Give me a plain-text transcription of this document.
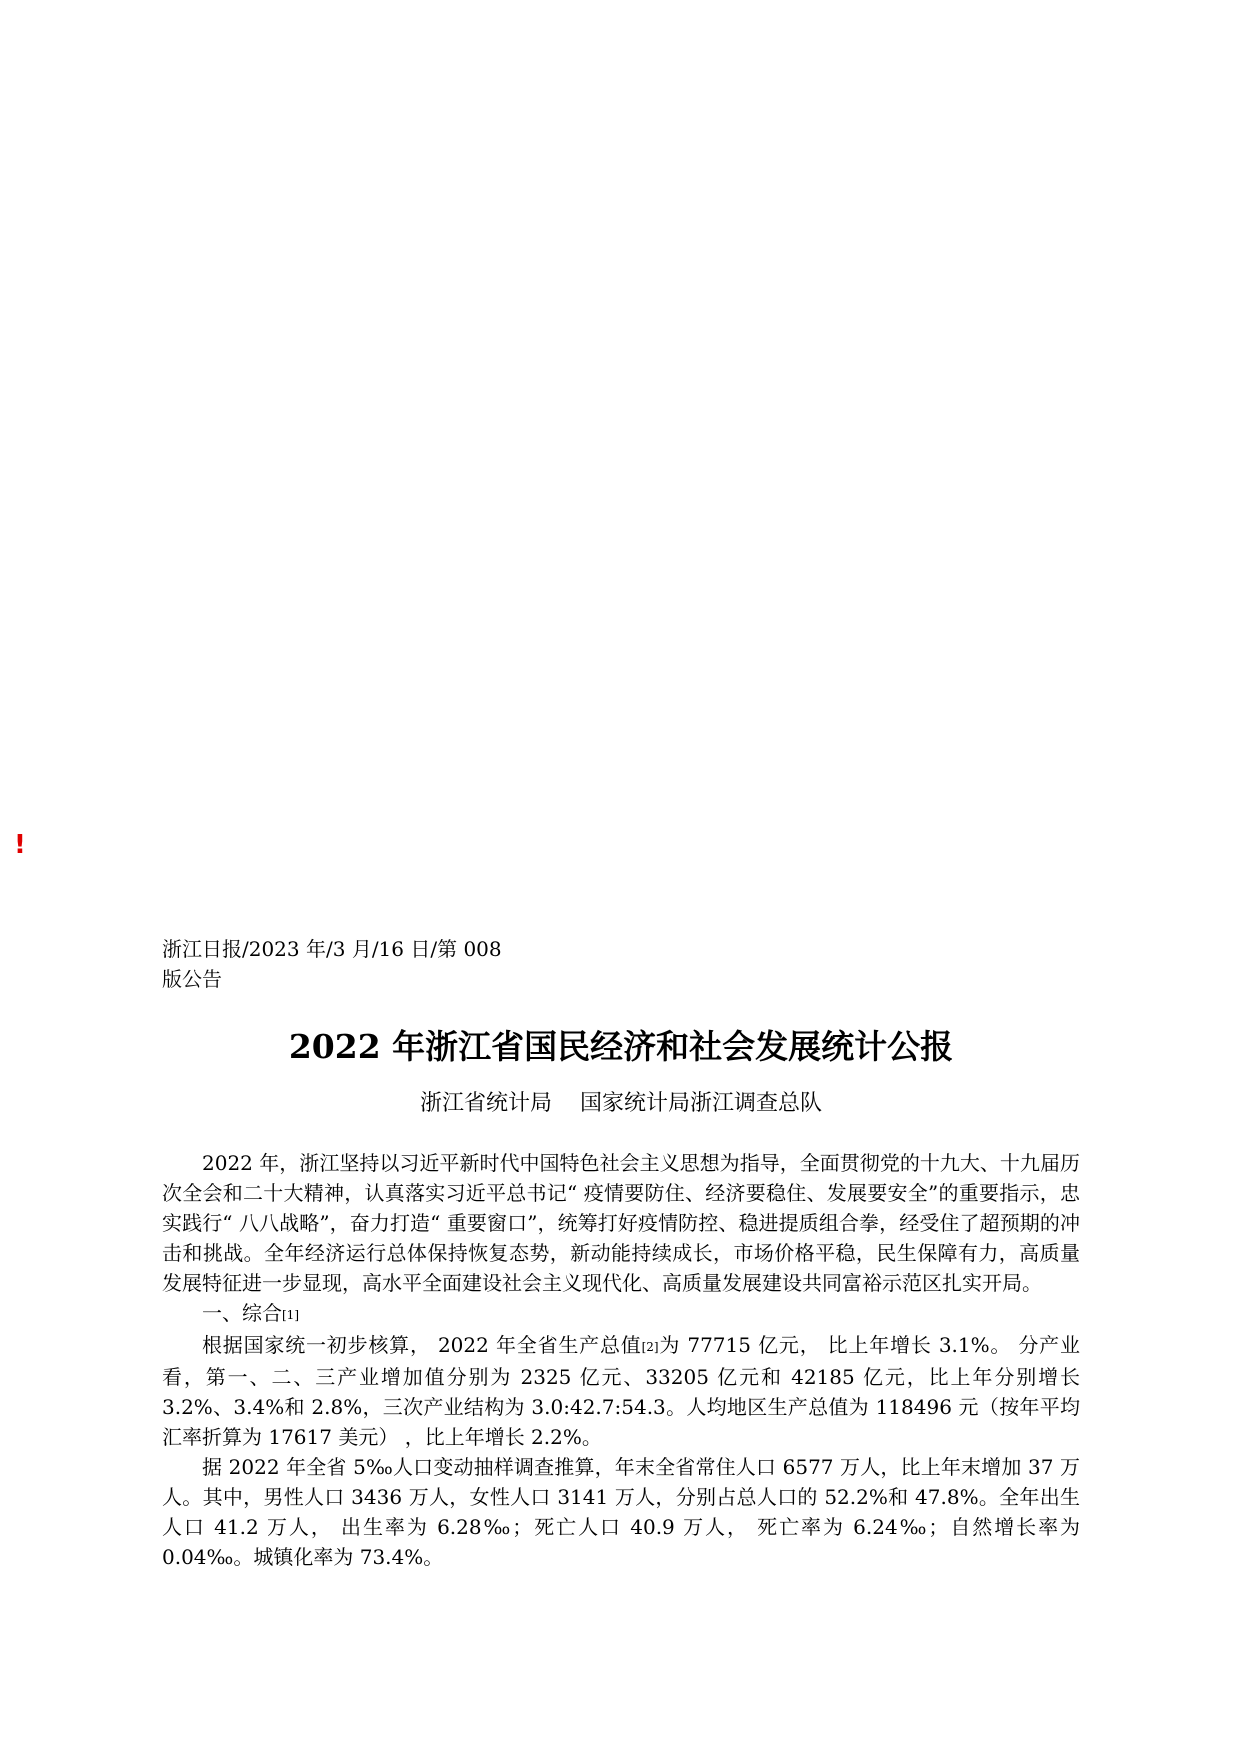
!

浙江日报/2023 年/3 月/16 日/第 008
版公告

2022 年浙江省国民经济和社会发展统计公报

浙江省统计局    国家统计局浙江调查总队

2022 年，浙江坚持以习近平新时代中国特色社会主义思想为指导，全面贯彻党的十九大、十九届历次全会和二十大精神，认真落实习近平总书记“ 疫情要防住、经济要稳住、发展要安全”的重要指示，忠实践行“ 八八战略”，奋力打造“ 重要窗口”，统筹打好疫情防控、稳进提质组合拳，经受住了超预期的冲击和挑战。全年经济运行总体保持恢复态势，新动能持续成长，市场价格平稳，民生保障有力，高质量发展特征进一步显现，高水平全面建设社会主义现代化、高质量发展建设共同富裕示范区扎实开局。

一、综合[1]

根据国家统一初步核算， 2022 年全省生产总值[2]为 77715 亿元， 比上年增长 3.1%。 分产业看，第一、二、三产业增加值分别为 2325 亿元、33205 亿元和 42185 亿元，比上年分别增长 3.2%、3.4%和 2.8%，三次产业结构为 3.0:42.7:54.3。人均地区生产总值为 118496 元（按年平均汇率折算为 17617 美元） ，比上年增长 2.2%。

据 2022 年全省 5‰人口变动抽样调查推算，年末全省常住人口 6577 万人，比上年末增加 37 万人。其中，男性人口 3436 万人，女性人口 3141 万人，分别占总人口的 52.2%和 47.8%。全年出生人口 41.2 万人， 出生率为 6.28‰；死亡人口 40.9 万人， 死亡率为 6.24‰；自然增长率为 0.04‰。城镇化率为 73.4%。
